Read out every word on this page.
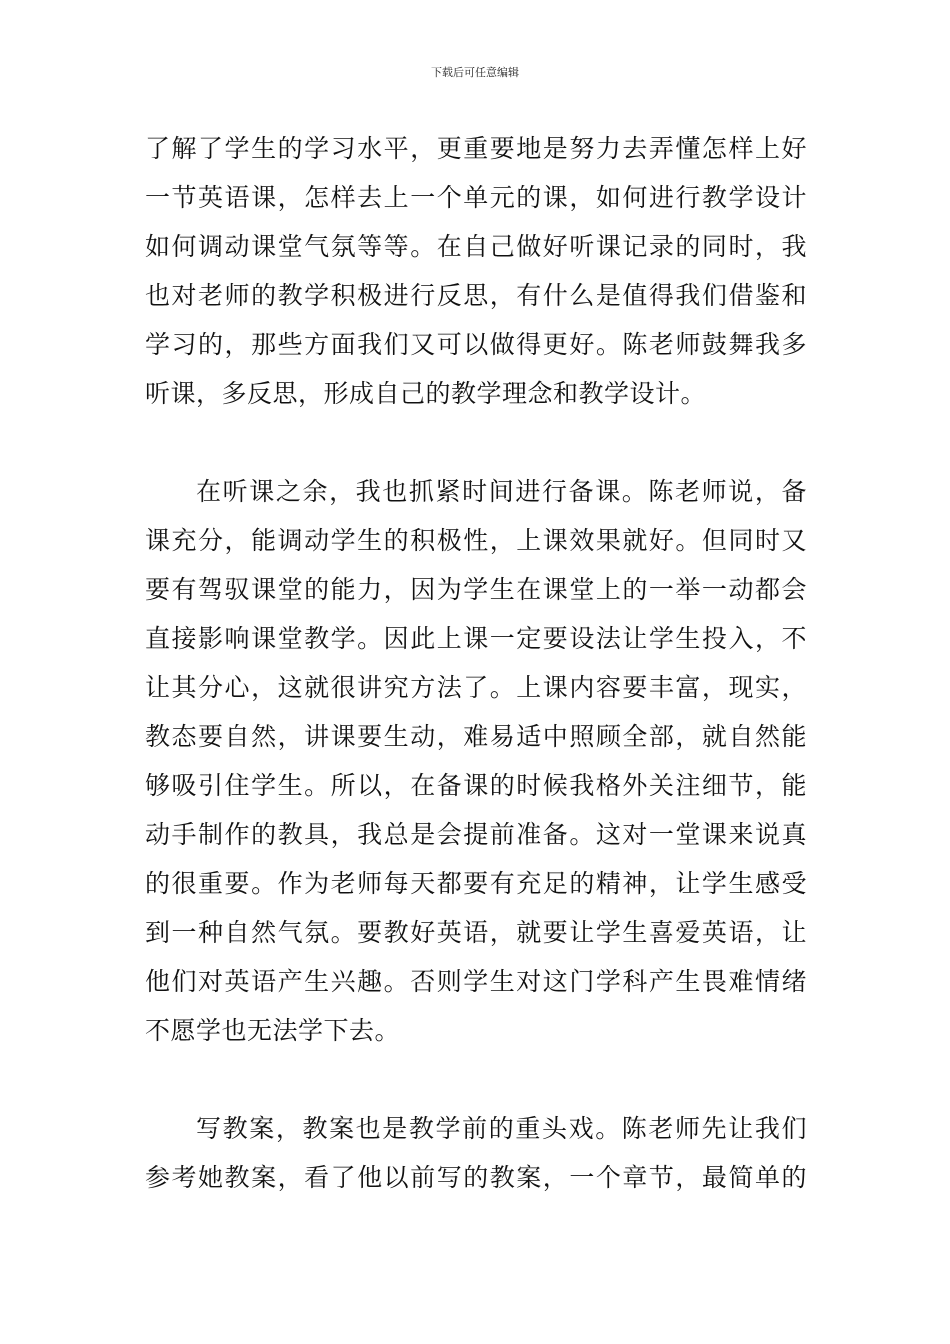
下载后可任意编辑
了解了学生的学习水平，更重要地是努力去弄懂怎样上好
一节英语课，怎样去上一个单元的课，如何进行教学设计
如何调动课堂气氛等等。在自己做好听课记录的同时，我
也对老师的教学积极进行反思，有什么是值得我们借鉴和
学习的，那些方面我们又可以做得更好。陈老师鼓舞我多
听课，多反思，形成自己的教学理念和教学设计。
在听课之余，我也抓紧时间进行备课。陈老师说，备
课充分，能调动学生的积极性，上课效果就好。但同时又
要有驾驭课堂的能力，因为学生在课堂上的一举一动都会
直接影响课堂教学。因此上课一定要设法让学生投入，不
让其分心，这就很讲究方法了。上课内容要丰富，现实，
教态要自然，讲课要生动，难易适中照顾全部，就自然能
够吸引住学生。所以，在备课的时候我格外关注细节，能
动手制作的教具，我总是会提前准备。这对一堂课来说真
的很重要。作为老师每天都要有充足的精神，让学生感受
到一种自然气氛。要教好英语，就要让学生喜爱英语，让
他们对英语产生兴趣。否则学生对这门学科产生畏难情绪
不愿学也无法学下去。
写教案，教案也是教学前的重头戏。陈老师先让我们
参考她教案，看了他以前写的教案，一个章节，最简单的
